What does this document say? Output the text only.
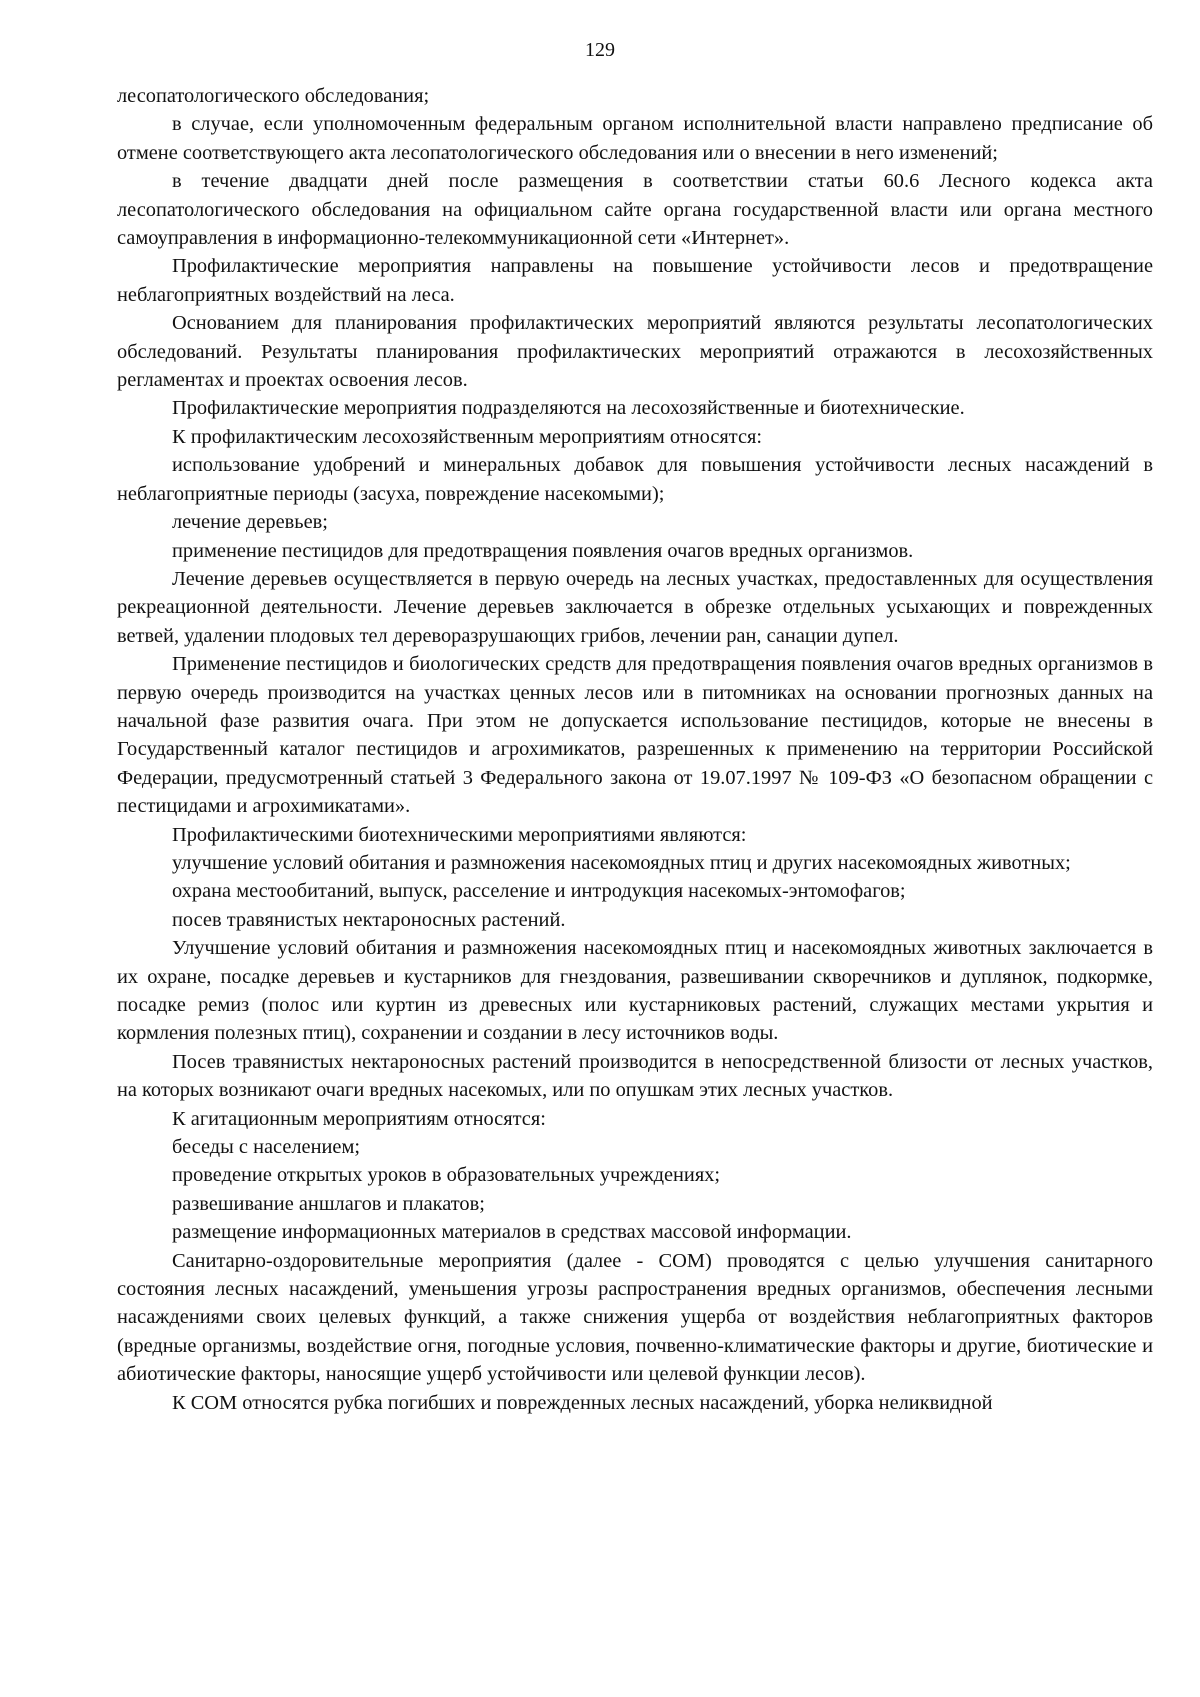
129

лесопатологического обследования;

в случае, если уполномоченным федеральным органом исполнительной власти направлено предписание об отмене соответствующего акта лесопатологического обследования или о внесении в него изменений;

в течение двадцати дней после размещения в соответствии статьи 60.6 Лесного кодекса акта лесопатологического обследования на официальном сайте органа государственной власти или органа местного самоуправления в информационно-телекоммуникационной сети «Интернет».

Профилактические мероприятия направлены на повышение устойчивости лесов и предотвращение неблагоприятных воздействий на леса.

Основанием для планирования профилактических мероприятий являются результаты лесопатологических обследований. Результаты планирования профилактических мероприятий отражаются в лесохозяйственных регламентах и проектах освоения лесов.

Профилактические мероприятия подразделяются на лесохозяйственные и биотехнические.

К профилактическим лесохозяйственным мероприятиям относятся:

использование удобрений и минеральных добавок для повышения устойчивости лесных насаждений в неблагоприятные периоды (засуха, повреждение насекомыми);

лечение деревьев;

применение пестицидов для предотвращения появления очагов вредных организмов.

Лечение деревьев осуществляется в первую очередь на лесных участках, предоставленных для осуществления рекреационной деятельности. Лечение деревьев заключается в обрезке отдельных усыхающих и поврежденных ветвей, удалении плодовых тел дереворазрушающих грибов, лечении ран, санации дупел.

Применение пестицидов и биологических средств для предотвращения появления очагов вредных организмов в первую очередь производится на участках ценных лесов или в питомниках на основании прогнозных данных на начальной фазе развития очага. При этом не допускается использование пестицидов, которые не внесены в Государственный каталог пестицидов и агрохимикатов, разрешенных к применению на территории Российской Федерации, предусмотренный статьей 3 Федерального закона от 19.07.1997 № 109-ФЗ «О безопасном обращении с пестицидами и агрохимикатами».

Профилактическими биотехническими мероприятиями являются:

улучшение условий обитания и размножения насекомоядных птиц и других насекомоядных животных;

охрана местообитаний, выпуск, расселение и интродукция насекомых-энтомофагов;

посев травянистых нектароносных растений.

Улучшение условий обитания и размножения насекомоядных птиц и насекомоядных животных заключается в их охране, посадке деревьев и кустарников для гнездования, развешивании скворечников и дуплянок, подкормке, посадке ремиз (полос или куртин из древесных или кустарниковых растений, служащих местами укрытия и кормления полезных птиц), сохранении и создании в лесу источников воды.

Посев травянистых нектароносных растений производится в непосредственной близости от лесных участков, на которых возникают очаги вредных насекомых, или по опушкам этих лесных участков.

К агитационным мероприятиям относятся:

беседы с населением;

проведение открытых уроков в образовательных учреждениях;

развешивание аншлагов и плакатов;

размещение информационных материалов в средствах массовой информации.

Санитарно-оздоровительные мероприятия (далее - СОМ) проводятся с целью улучшения санитарного состояния лесных насаждений, уменьшения угрозы распространения вредных организмов, обеспечения лесными насаждениями своих целевых функций, а также снижения ущерба от воздействия неблагоприятных факторов (вредные организмы, воздействие огня, погодные условия, почвенно-климатические факторы и другие, биотические и абиотические факторы, наносящие ущерб устойчивости или целевой функции лесов).

К СОМ относятся рубка погибших и поврежденных лесных насаждений, уборка неликвидной
